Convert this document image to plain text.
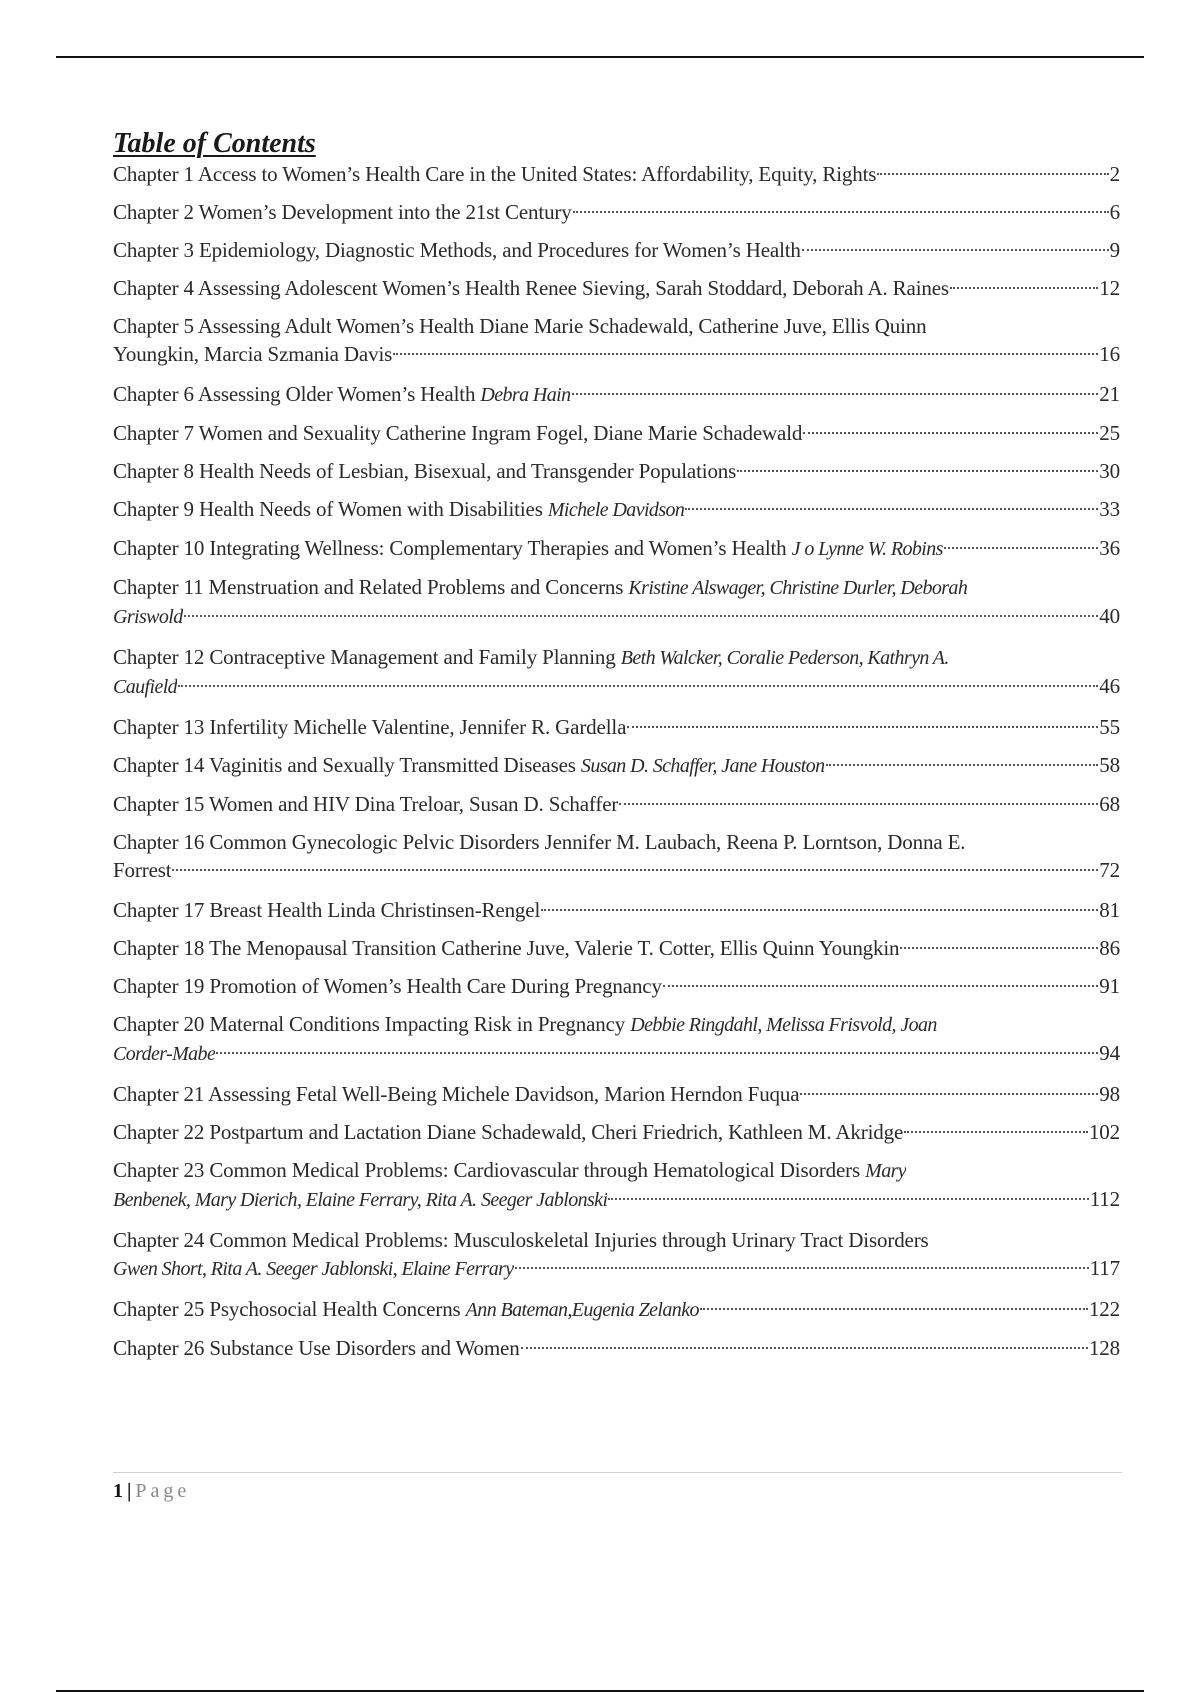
Table of Contents
Chapter 1 Access to Women’s Health Care in the United States: Affordability, Equity, Rights	2
Chapter 2 Women’s Development into the 21st Century	6
Chapter 3 Epidemiology, Diagnostic Methods, and Procedures for Women’s Health	9
Chapter 4 Assessing Adolescent Women’s Health Renee Sieving, Sarah Stoddard, Deborah A. Raines	12
Chapter 5 Assessing Adult Women’s Health Diane Marie Schadewald, Catherine Juve, Ellis Quinn
Youngkin, Marcia Szmania Davis	16
Chapter 6 Assessing Older Women’s Health Debra Hain	21
Chapter 7 Women and Sexuality Catherine Ingram Fogel, Diane Marie Schadewald	25
Chapter 8 Health Needs of Lesbian, Bisexual, and Transgender Populations	30
Chapter 9 Health Needs of Women with Disabilities Michele Davidson	33
Chapter 10 Integrating Wellness: Complementary Therapies and Women’s Health J o Lynne W. Robins	36
Chapter 11 Menstruation and Related Problems and Concerns Kristine Alswager, Christine Durler, Deborah
Griswold	40
Chapter 12 Contraceptive Management and Family Planning Beth Walcker, Coralie Pederson, Kathryn A.
Caufield	46
Chapter 13 Infertility Michelle Valentine, Jennifer R. Gardella	55
Chapter 14 Vaginitis and Sexually Transmitted Diseases Susan D. Schaffer, Jane Houston	58
Chapter 15 Women and HIV Dina Treloar, Susan D. Schaffer	68
Chapter 16 Common Gynecologic Pelvic Disorders Jennifer M. Laubach, Reena P. Lorntson, Donna E.
Forrest	72
Chapter 17 Breast Health Linda Christinsen-Rengel	81
Chapter 18 The Menopausal Transition Catherine Juve, Valerie T. Cotter, Ellis Quinn Youngkin	86
Chapter 19 Promotion of Women’s Health Care During Pregnancy	91
Chapter 20 Maternal Conditions Impacting Risk in Pregnancy Debbie Ringdahl, Melissa Frisvold, Joan
Corder-Mabe	94
Chapter 21 Assessing Fetal Well-Being Michele Davidson, Marion Herndon Fuqua	98
Chapter 22 Postpartum and Lactation Diane Schadewald, Cheri Friedrich, Kathleen M. Akridge	102
Chapter 23 Common Medical Problems: Cardiovascular through Hematological Disorders Mary
Benbenek, Mary Dierich, Elaine Ferrary, Rita A. Seeger Jablonski	112
Chapter 24 Common Medical Problems: Musculoskeletal Injuries through Urinary Tract Disorders
Gwen Short, Rita A. Seeger Jablonski, Elaine Ferrary	117
Chapter 25 Psychosocial Health Concerns Ann Bateman,Eugenia Zelanko	122
Chapter 26 Substance Use Disorders and Women	128
1 | Page
